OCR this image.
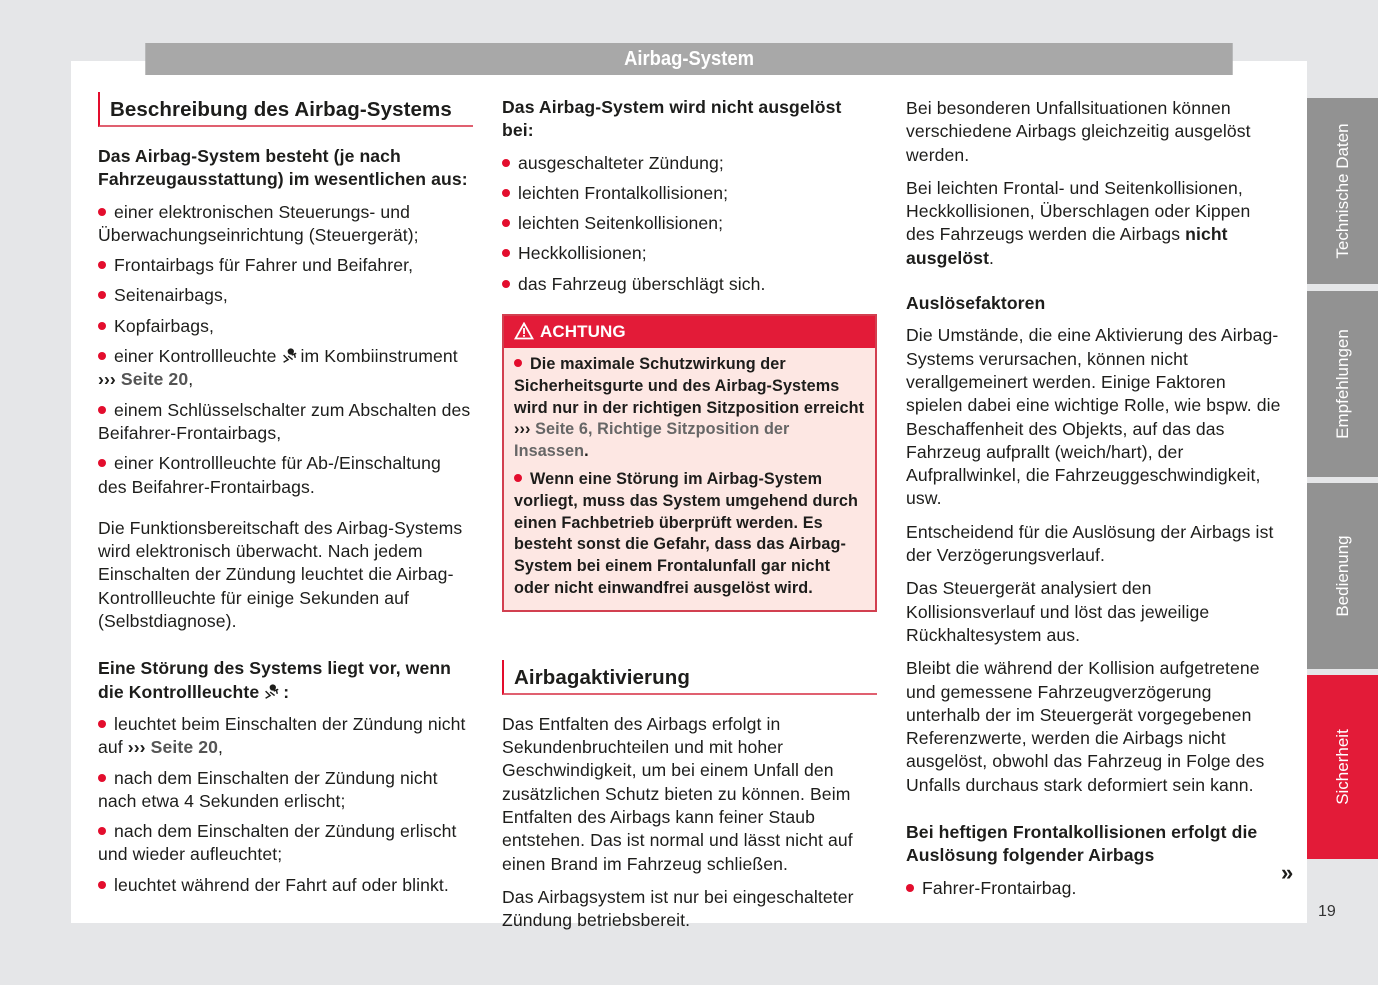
Airbag-System
Beschreibung des Airbag-Systems
Das Airbag-System besteht (je nach Fahrzeugausstattung) im wesentlichen aus:
einer elektronischen Steuerungs- und Überwachungseinrichtung (Steuergerät);
Frontairbags für Fahrer und Beifahrer,
Seitenairbags,
Kopfairbags,
einer Kontrollleuchte im Kombiinstrument ››› Seite 20,
einem Schlüsselschalter zum Abschalten des Beifahrer-Frontairbags,
einer Kontrollleuchte für Ab-/Einschaltung des Beifahrer-Frontairbags.

Die Funktionsbereitschaft des Airbag-Systems wird elektronisch überwacht. Nach jedem Einschalten der Zündung leuchtet die Airbag-Kontrollleuchte für einige Sekunden auf (Selbstdiagnose).

Eine Störung des Systems liegt vor, wenn die Kontrollleuchte :
leuchtet beim Einschalten der Zündung nicht auf ››› Seite 20,
nach dem Einschalten der Zündung nicht nach etwa 4 Sekunden erlischt;
nach dem Einschalten der Zündung erlischt und wieder aufleuchtet;
leuchtet während der Fahrt auf oder blinkt.
Das Airbag-System wird nicht ausgelöst bei:
ausgeschalteter Zündung;
leichten Frontalkollisionen;
leichten Seitenkollisionen;
Heckkollisionen;
das Fahrzeug überschlägt sich.
ACHTUNG

Die maximale Schutzwirkung der Sicherheitsgurte und des Airbag-Systems wird nur in der richtigen Sitzposition erreicht ››› Seite 6, Richtige Sitzposition der Insassen.

Wenn eine Störung im Airbag-System vorliegt, muss das System umgehend durch einen Fachbetrieb überprüft werden. Es besteht sonst die Gefahr, dass das Airbag-System bei einem Frontalunfall gar nicht oder nicht einwandfrei ausgelöst wird.

Airbagaktivierung

Das Entfalten des Airbags erfolgt in Sekundenbruchteilen und mit hoher Geschwindigkeit, um bei einem Unfall den zusätzlichen Schutz bieten zu können. Beim Entfalten des Airbags kann feiner Staub entstehen. Das ist normal und lässt nicht auf einen Brand im Fahrzeug schließen.

Das Airbagsystem ist nur bei eingeschalteter Zündung betriebsbereit.

Bei besonderen Unfallsituationen können verschiedene Airbags gleichzeitig ausgelöst werden.

Bei leichten Frontal- und Seitenkollisionen, Heckkollisionen, Überschlagen oder Kippen des Fahrzeugs werden die Airbags nicht ausgelöst.

Auslösefaktoren

Die Umstände, die eine Aktivierung des Airbag-Systems verursachen, können nicht verallgemeinert werden. Einige Faktoren spielen dabei eine wichtige Rolle, wie bspw. die Beschaffenheit des Objekts, auf das das Fahrzeug aufprallt (weich/hart), der Aufprallwinkel, die Fahrzeuggeschwindigkeit, usw.

Entscheidend für die Auslösung der Airbags ist der Verzögerungsverlauf.

Das Steuergerät analysiert den Kollisionsverlauf und löst das jeweilige Rückhaltesystem aus.

Bleibt die während der Kollision aufgetretene und gemessene Fahrzeugverzögerung unterhalb der im Steuergerät vorgegebenen Referenzwerte, werden die Airbags nicht ausgelöst, obwohl das Fahrzeug in Folge des Unfalls durchaus stark deformiert sein kann.

Bei heftigen Frontalkollisionen erfolgt die Auslösung folgender Airbags
Fahrer-Frontairbag.
»
Technische Daten
Empfehlungen
Bedienung
Sicherheit
19
